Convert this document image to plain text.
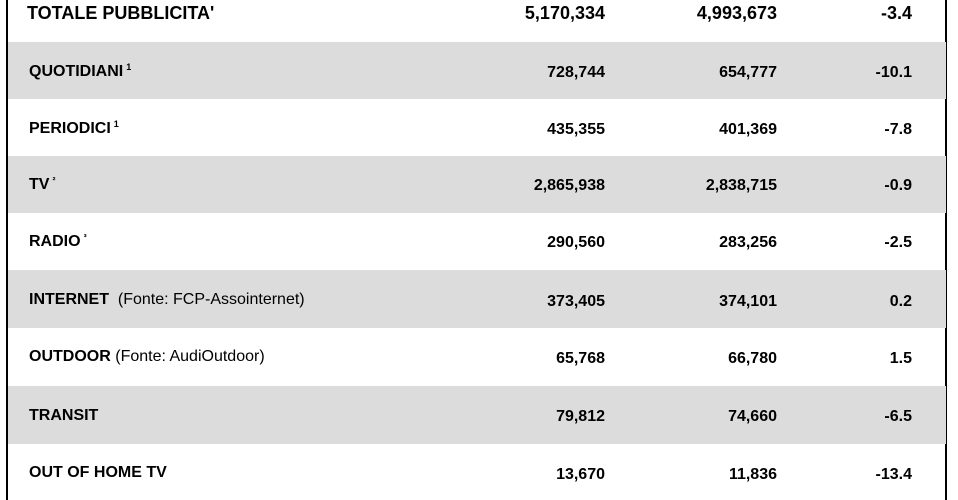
TOTALE PUBBLICITA'	5,170,334	4,993,673	-3.4
QUOTIDIANI $^1$	728,744	654,777	-10.1
PERIODICI $^1$	435,355	401,369	-7.8
TV $^{^2}$	2,865,938	2,838,715	-0.9
RADIO $^{^3}$	290,560	283,256	-2.5
INTERNET (Fonte: FCP-Assointernet)	373,405	374,101	0.2
OUTDOOR (Fonte: AudiOutdoor)	65,768	66,780	1.5
TRANSIT	79,812	74,660	-6.5
OUT OF HOME TV	13,670	11,836	-13.4
